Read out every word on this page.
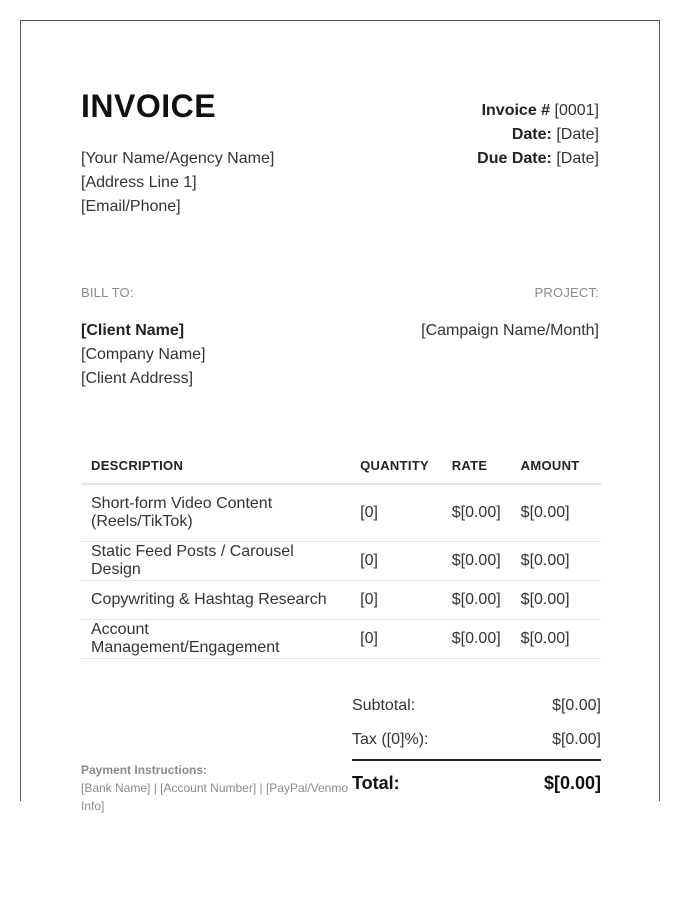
INVOICE
[Your Name/Agency Name]
[Address Line 1]
[Email/Phone]
Invoice # [0001]
Date: [Date]
Due Date: [Date]
BILL TO:	PROJECT:
[Client Name]
[Company Name]
[Client Address]
[Campaign Name/Month]
DESCRIPTION	QUANTITY	RATE	AMOUNT
Short-form Video Content (Reels/TikTok)	[0]	$[0.00]	$[0.00]
Static Feed Posts / Carousel Design	[0]	$[0.00]	$[0.00]
Copywriting & Hashtag Research	[0]	$[0.00]	$[0.00]
Account Management/Engagement	[0]	$[0.00]	$[0.00]
Subtotal:	$[0.00]
Tax ([0]%):	$[0.00]
Total:	$[0.00]
Payment Instructions:
[Bank Name] | [Account Number] | [PayPal/Venmo Info]
